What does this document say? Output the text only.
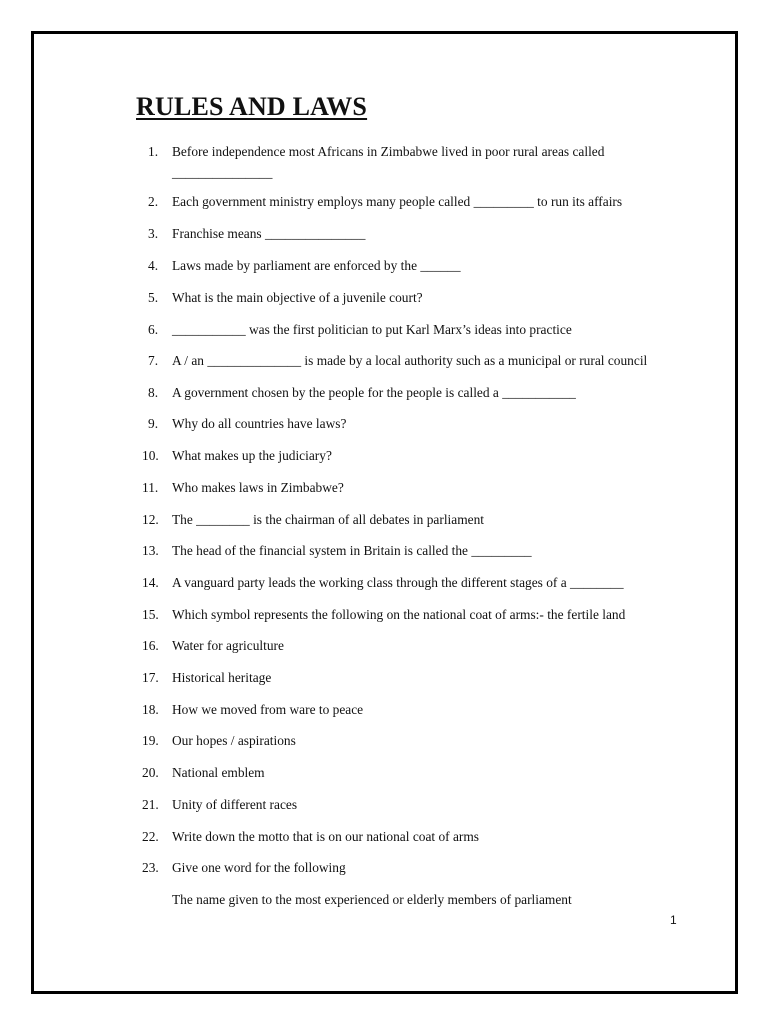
RULES AND LAWS
1. Before independence most Africans in Zimbabwe lived in poor rural areas called
_______________
2. Each government ministry employs many people called _________ to run its affairs
3. Franchise means _______________
4. Laws made by parliament are enforced by the ______
5. What is the main objective of a juvenile court?
6. ___________ was the first politician to put Karl Marx’s ideas into practice
7. A / an ______________ is made by a local authority such as a municipal or rural council
8. A government chosen by the people for the people is called a ___________
9. Why do all countries have laws?
10. What makes up the judiciary?
11. Who makes laws in Zimbabwe?
12. The ________ is the chairman of all debates in parliament
13. The head of the financial system in Britain is called the _________
14. A vanguard party leads the working class through the different stages of a ________
15. Which symbol represents the following on the national coat of arms:- the fertile land
16. Water for agriculture
17. Historical heritage
18. How we moved from ware to peace
19. Our hopes / aspirations
20. National emblem
21. Unity of different races
22. Write down the motto that is on our national coat of arms
23. Give one word for the following
The name given to the most experienced or elderly members of parliament
1
